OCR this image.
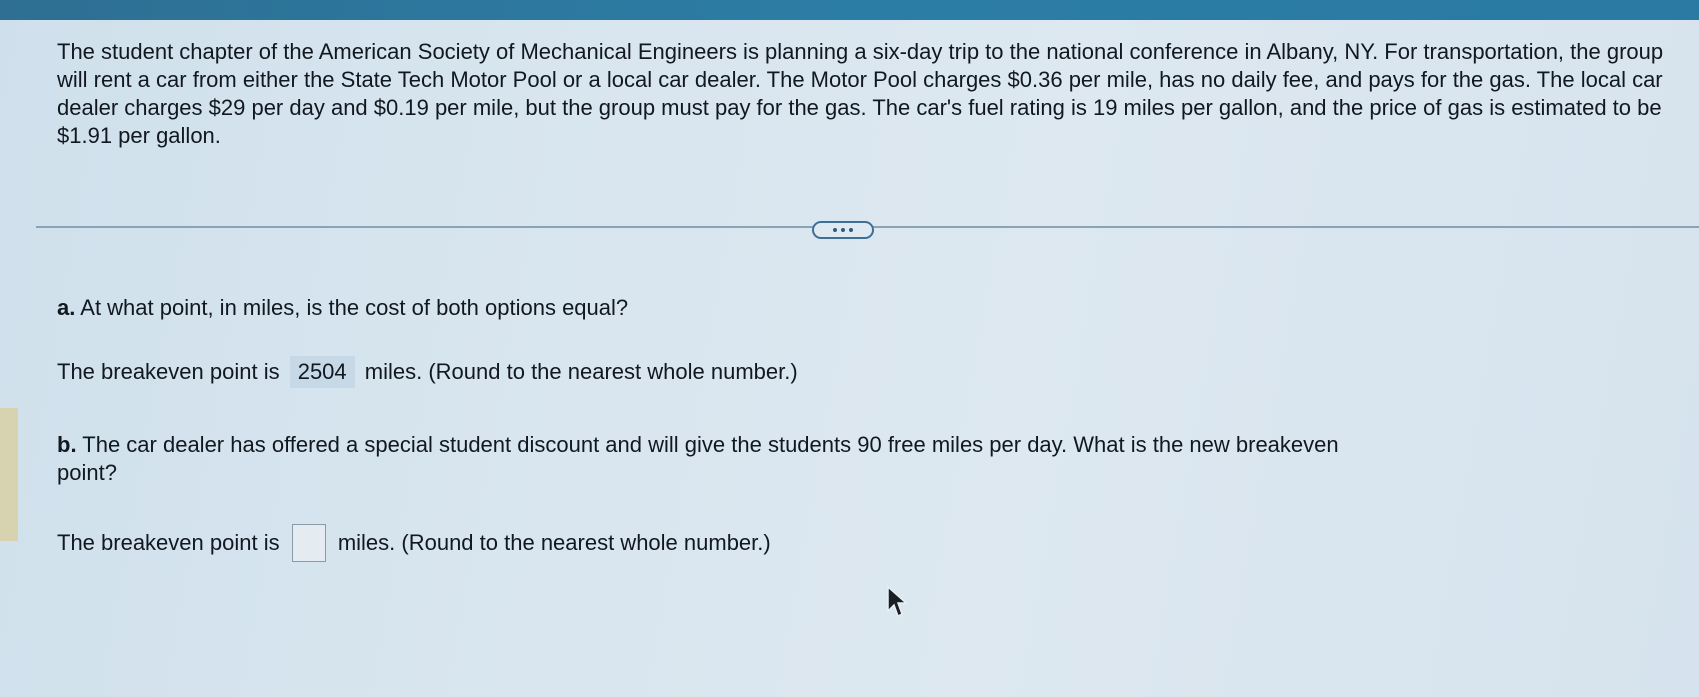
The student chapter of the American Society of Mechanical Engineers is planning a six-day trip to the national conference in Albany, NY. For transportation, the group will rent a car from either the State Tech Motor Pool or a local car dealer. The Motor Pool charges $0.36 per mile, has no daily fee, and pays for the gas. The local car dealer charges $29 per day and $0.19 per mile, but the group must pay for the gas. The car's fuel rating is 19 miles per gallon, and the price of gas is estimated to be $1.91 per gallon.

a. At what point, in miles, is the cost of both options equal?
The breakeven point is 2504 miles. (Round to the nearest whole number.)
b. The car dealer has offered a special student discount and will give the students 90 free miles per day. What is the new breakeven
point?
The breakeven point is	miles. (Round to the nearest whole number.)
